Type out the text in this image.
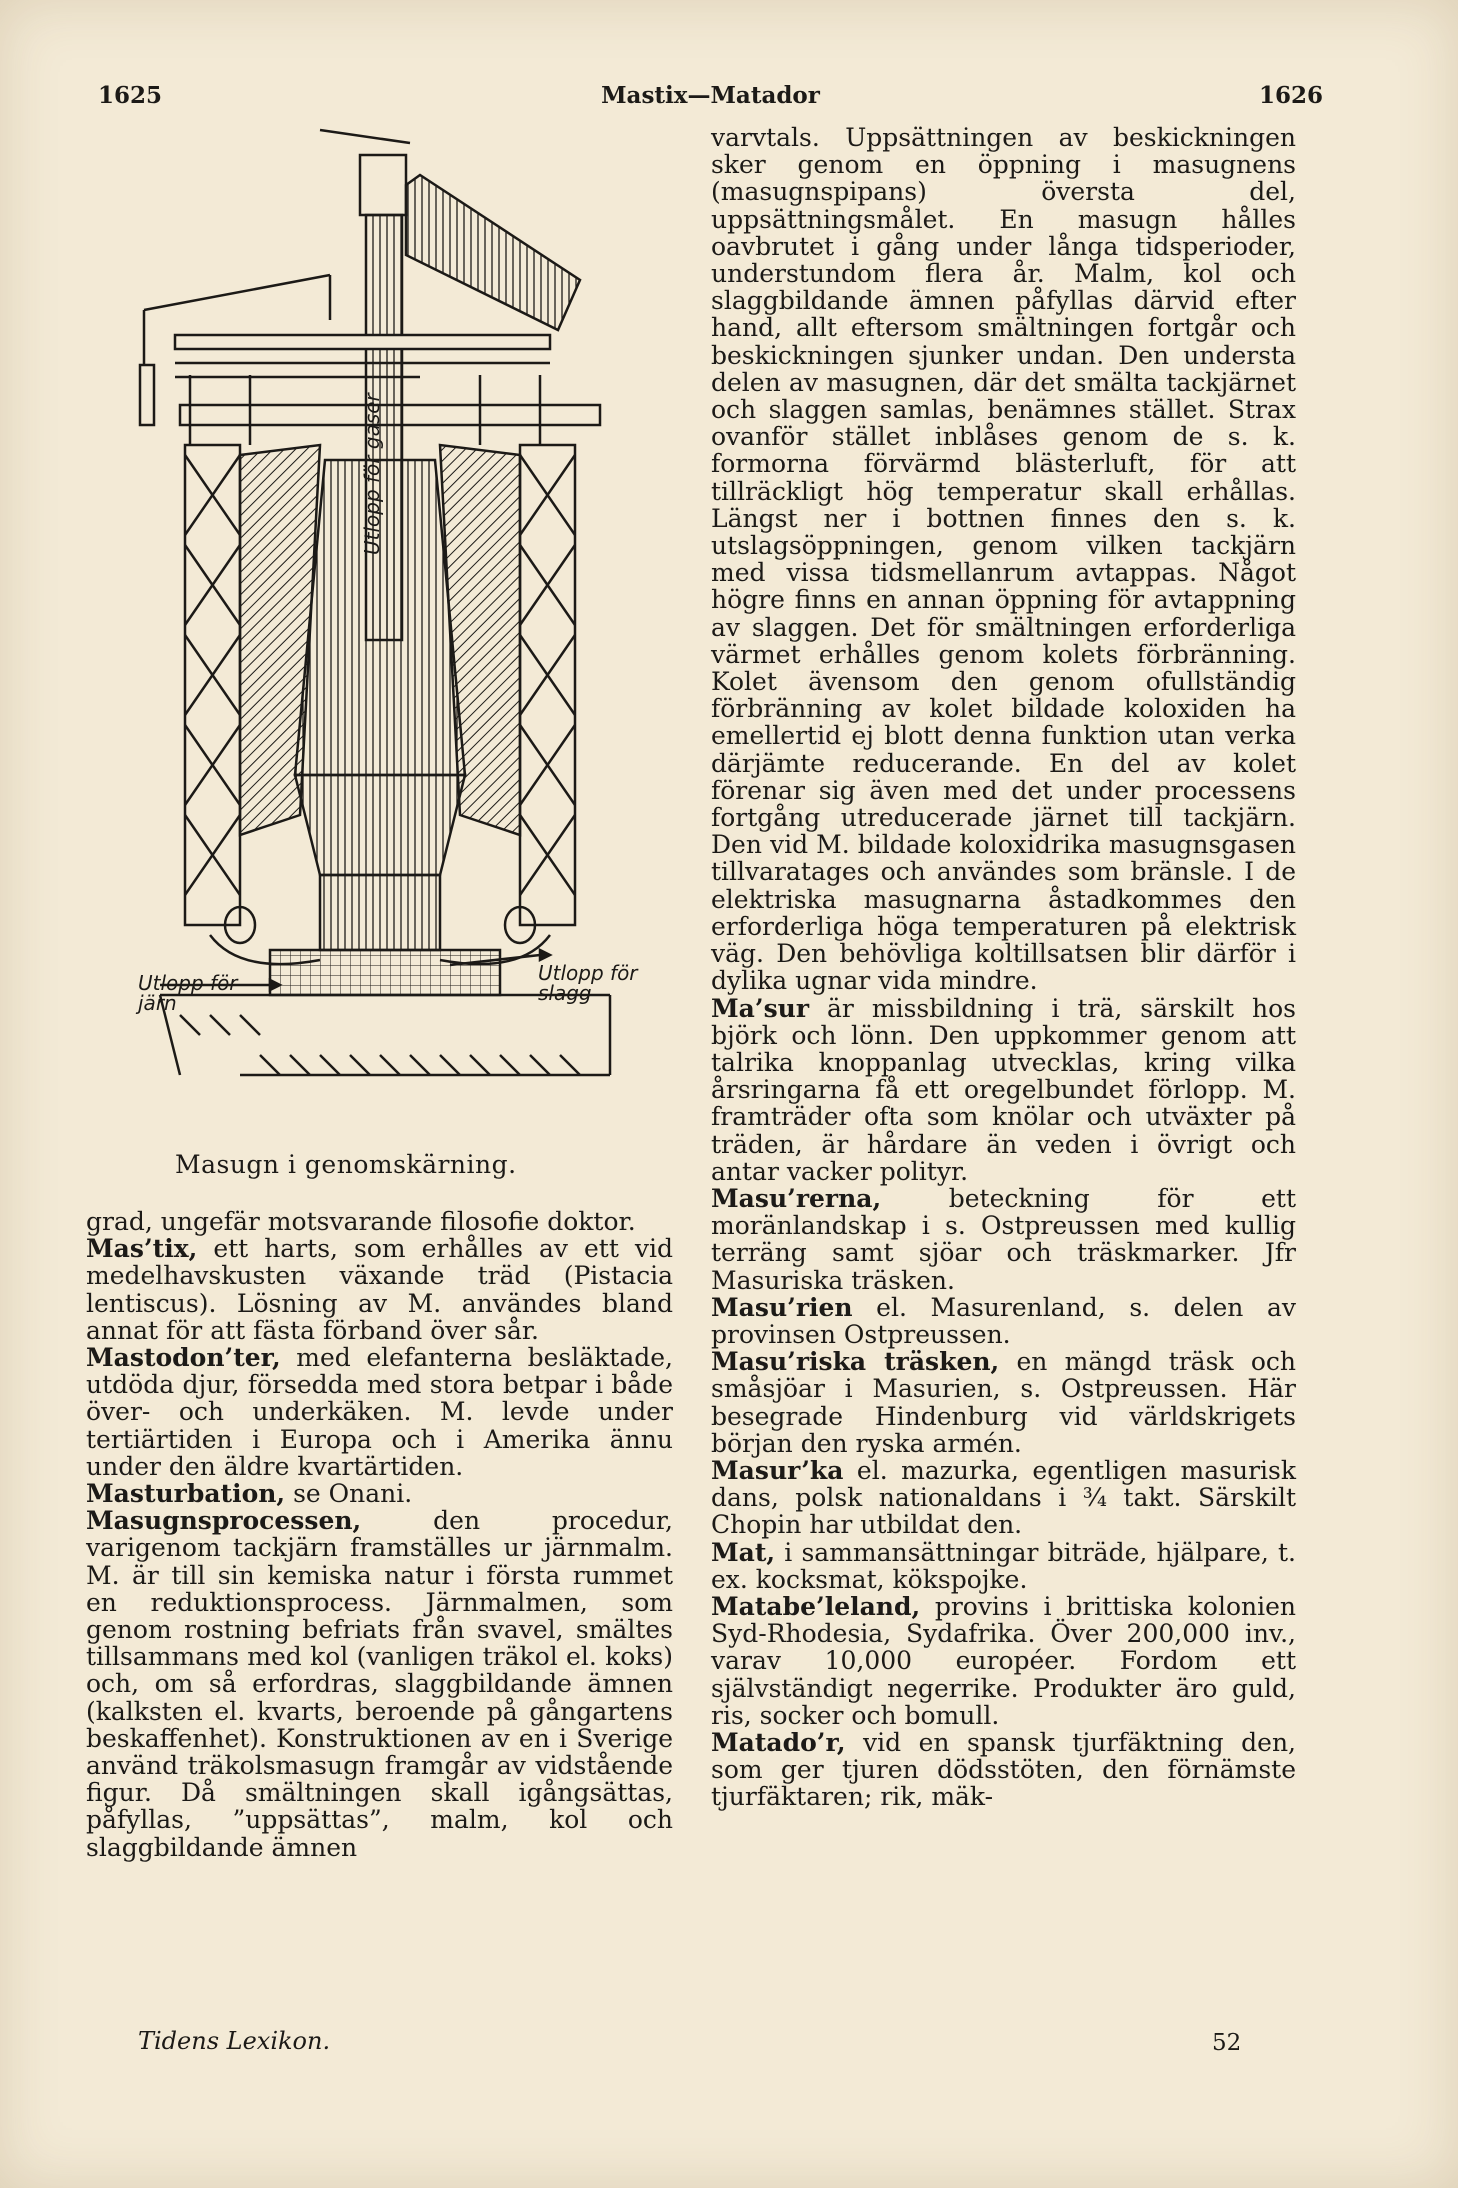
1625	Mastix—Matador	1626
Utlopp för gaser
Utlopp för järn
Utlopp för slagg
Masugn i genomskärning.

grad, ungefär motsvarande filosofie doktor.

Mas’tix, ett harts, som erhålles av ett vid medelhavskusten växande träd (Pistacia lentiscus). Lösning av M. användes bland annat för att fästa förband över sår.

Mastodon’ter, med elefanterna besläktade, utdöda djur, försedda med stora betpar i både över- och underkäken. M. levde under tertiärtiden i Europa och i Amerika ännu under den äldre kvartärtiden.

Masturbation, se Onani.

Masugnsprocessen, den procedur, varigenom tackjärn framställes ur järnmalm. M. är till sin kemiska natur i första rummet en reduktionsprocess. Järnmalmen, som genom rostning befriats från svavel, smältes tillsammans med kol (vanligen träkol el. koks) och, om så erfordras, slaggbildande ämnen (kalksten el. kvarts, beroende på gångartens beskaffenhet). Konstruktionen av en i Sverige använd träkolsmasugn framgår av vidstående figur. Då smältningen skall igångsättas, påfyllas, ”uppsättas”, malm, kol och slaggbildande ämnen

varvtals. Uppsättningen av beskickningen sker genom en öppning i masugnens (masugnspipans) översta del, uppsättningsmålet. En masugn hålles oavbrutet i gång under långa tidsperioder, understundom flera år. Malm, kol och slaggbildande ämnen påfyllas därvid efter hand, allt eftersom smältningen fortgår och beskickningen sjunker undan. Den understa delen av masugnen, där det smälta tackjärnet och slaggen samlas, benämnes stället. Strax ovanför stället inblåses genom de s. k. formorna förvärmd blästerluft, för att tillräckligt hög temperatur skall erhållas. Längst ner i bottnen finnes den s. k. utslagsöppningen, genom vilken tackjärn med vissa tidsmellanrum avtappas. Något högre finns en annan öppning för avtappning av slaggen. Det för smältningen erforderliga värmet erhålles genom kolets förbränning. Kolet ävensom den genom ofullständig förbränning av kolet bildade koloxiden ha emellertid ej blott denna funktion utan verka därjämte reducerande. En del av kolet förenar sig även med det under processens fortgång utreducerade järnet till tackjärn. Den vid M. bildade koloxidrika masugnsgasen tillvaratages och användes som bränsle. I de elektriska masugnarna åstadkommes den erforderliga höga temperaturen på elektrisk väg. Den behövliga koltillsatsen blir därför i dylika ugnar vida mindre.

Ma’sur är missbildning i trä, särskilt hos björk och lönn. Den uppkommer genom att talrika knoppanlag utvecklas, kring vilka årsringarna få ett oregelbundet förlopp. M. framträder ofta som knölar och utväxter på träden, är hårdare än veden i övrigt och antar vacker polityr.

Masu’rerna, beteckning för ett moränlandskap i s. Ostpreussen med kullig terräng samt sjöar och träskmarker. Jfr Masuriska träsken.

Masu’rien el. Masurenland, s. delen av provinsen Ostpreussen.

Masu’riska träsken, en mängd träsk och småsjöar i Masurien, s. Ostpreussen. Här besegrade Hindenburg vid världskrigets början den ryska armén.

Masur’ka el. mazurka, egentligen masurisk dans, polsk nationaldans i ¾ takt. Särskilt Chopin har utbildat den.

Mat, i sammansättningar biträde, hjälpare, t. ex. kocksmat, kökspojke.

Matabe’leland, provins i brittiska kolonien Syd-Rhodesia, Sydafrika. Över 200,000 inv., varav 10,000 européer. Fordom ett självständigt negerrike. Produkter äro guld, ris, socker och bomull.

Matado’r, vid en spansk tjurfäktning den, som ger tjuren dödsstöten, den förnämste tjurfäktaren; rik, mäk-

Tidens Lexikon.	52
